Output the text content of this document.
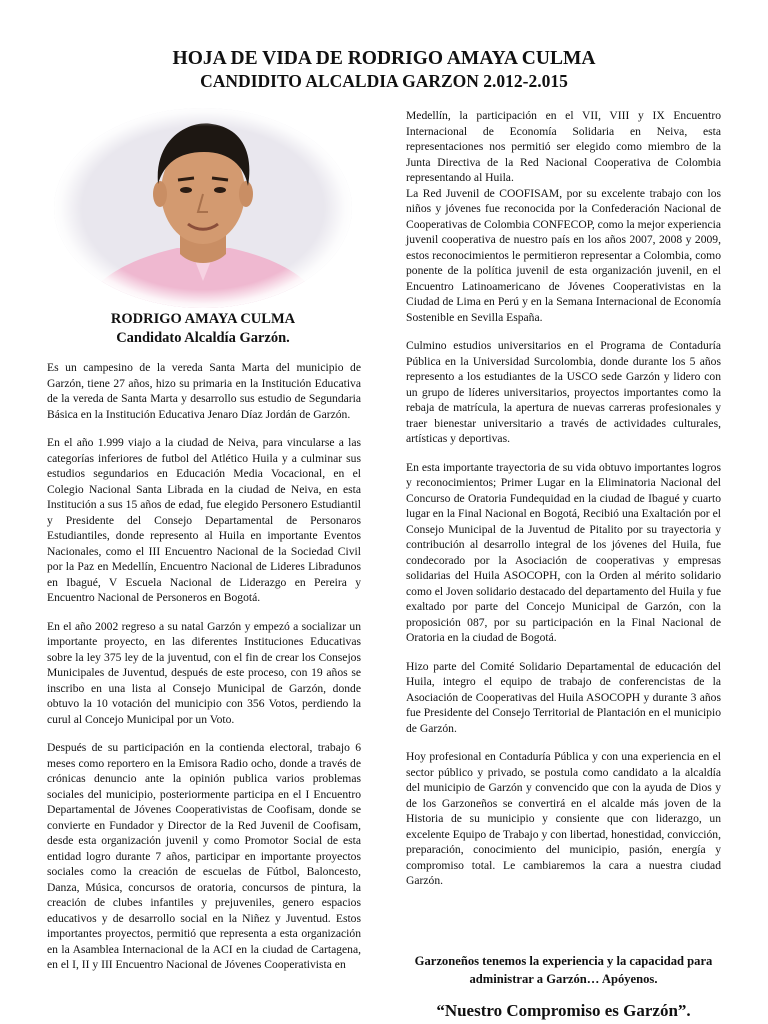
HOJA DE VIDA DE RODRIGO AMAYA CULMA
CANDIDITO ALCALDIA GARZON 2.012-2.015
RODRIGO AMAYA CULMA
Candidato Alcaldía Garzón.

Es un campesino de la vereda Santa Marta del municipio de Garzón, tiene 27 años, hizo su primaria en la Institución Educativa de la vereda de Santa Marta y desarrollo sus estudio de Segundaria Básica en la Institución Educativa Jenaro Díaz Jordán de Garzón.

En el año 1.999 viajo a la ciudad de Neiva, para vincularse a las categorías inferiores de futbol del Atlético Huila y a culminar sus estudios segundarios en Educación Media Vocacional, en el Colegio Nacional Santa Librada en la ciudad de Neiva, en esta Institución a sus 15 años de edad, fue elegido Personero Estudiantil y Presidente del Consejo Departamental de Personaros Estudiantiles, donde represento al Huila en importante Eventos Nacionales, como el III Encuentro Nacional de la Sociedad Civil por la Paz en Medellín, Encuentro Nacional de Lideres Libradunos en Ibagué, V Escuela Nacional de Liderazgo en Pereira y Encuentro Nacional de Personeros en Bogotá.

En el año 2002 regreso a su natal Garzón y empezó a socializar un importante proyecto, en las diferentes Instituciones Educativas sobre la ley 375 ley de la juventud, con el fin de crear los Consejos Municipales de Juventud, después de este proceso, con 19 años se inscribo en una lista al Consejo Municipal de Garzón, donde obtuvo la 10 votación del municipio con 356 Votos, perdiendo la curul al Concejo Municipal por un Voto.

Después de su participación en la contienda electoral, trabajo 6 meses como reportero en la Emisora Radio ocho, donde a través de crónicas denuncio ante la opinión publica varios problemas sociales del municipio, posteriormente participa en el I Encuentro Departamental de Jóvenes Cooperativistas de Coofisam, donde se convierte en Fundador y Director de la Red Juvenil de Coofisam, desde esta organización juvenil y como Promotor Social de esta entidad logro durante 7 años, participar en importante proyectos sociales como la creación de escuelas de Fútbol, Baloncesto, Danza, Música, concursos de oratoria, concursos de pintura, la creación de clubes infantiles y prejuveniles, genero espacios educativos y de desarrollo social en la Niñez y Juventud. Estos importantes proyectos, permitió que representa a esta organización en la Asamblea Internacional de la ACI en la ciudad de Cartagena, en el I, II y III Encuentro Nacional de Jóvenes Cooperativista en

Medellín, la participación en el VII, VIII y IX Encuentro Internacional de Economía Solidaria en Neiva, esta representaciones nos permitió ser elegido como miembro de la Junta Directiva de la Red Nacional Cooperativa de Colombia representando al Huila.

La Red Juvenil de COOFISAM, por su excelente trabajo con los niños y jóvenes fue reconocida por la Confederación Nacional de Cooperativas de Colombia CONFECOP, como la mejor experiencia juvenil cooperativa de nuestro país en los años 2007, 2008 y 2009, estos reconocimientos le permitieron representar a Colombia, como ponente de la política juvenil de esta organización juvenil, en el Encuentro Latinoamericano de Jóvenes Cooperativistas en la Ciudad de Lima en Perú y en la Semana Internacional de Economía Sostenible en Sevilla España.

Culmino estudios universitarios en el Programa de Contaduría Pública en la Universidad Surcolombia, donde durante los 5 años represento a los estudiantes de la USCO sede Garzón y lidero con un grupo de líderes universitarios, proyectos importantes como la rebaja de matrícula, la apertura de nuevas carreras profesionales y traer bienestar universitario a través de actividades culturales, artísticas y deportivas.

En esta importante trayectoria de su vida obtuvo importantes logros y reconocimientos; Primer Lugar en la Eliminatoria Nacional del Concurso de Oratoria Fundequidad en la ciudad de Ibagué y cuarto lugar en la Final Nacional en Bogotá, Recibió una Exaltación por el Consejo Municipal de la Juventud de Pitalito por su trayectoria y contribución al desarrollo integral de los jóvenes del Huila, fue condecorado por la Asociación de cooperativas y empresas solidarias del Huila ASOCOPH, con la Orden al mérito solidario como el Joven solidario destacado del departamento del Huila y fue exaltado por parte del Concejo Municipal de Garzón, con la proposición 087, por su participación en la Final Nacional de Oratoria en la ciudad de Bogotá.

Hizo parte del Comité Solidario Departamental de educación del Huila, integro el equipo de trabajo de conferencistas de la Asociación de Cooperativas del Huila ASOCOPH y durante 3 años fue Presidente del Consejo Territorial de Plantación en el municipio de Garzón.

Hoy profesional en Contaduría Pública y con una experiencia en el sector público y privado, se postula como candidato a la alcaldía del municipio de Garzón y convencido que con la ayuda de Dios y de los Garzoneños se convertirá en el alcalde más joven de la Historia de su municipio y consiente que con liderazgo, un excelente Equipo de Trabajo y con libertad, honestidad, convicción, preparación, conocimiento del municipio, pasión, energía y compromiso total. Le cambiaremos la cara a nuestra ciudad Garzón.

Garzoneños tenemos la experiencia y la capacidad para administrar a Garzón… Apóyenos.
“Nuestro Compromiso es Garzón”.
